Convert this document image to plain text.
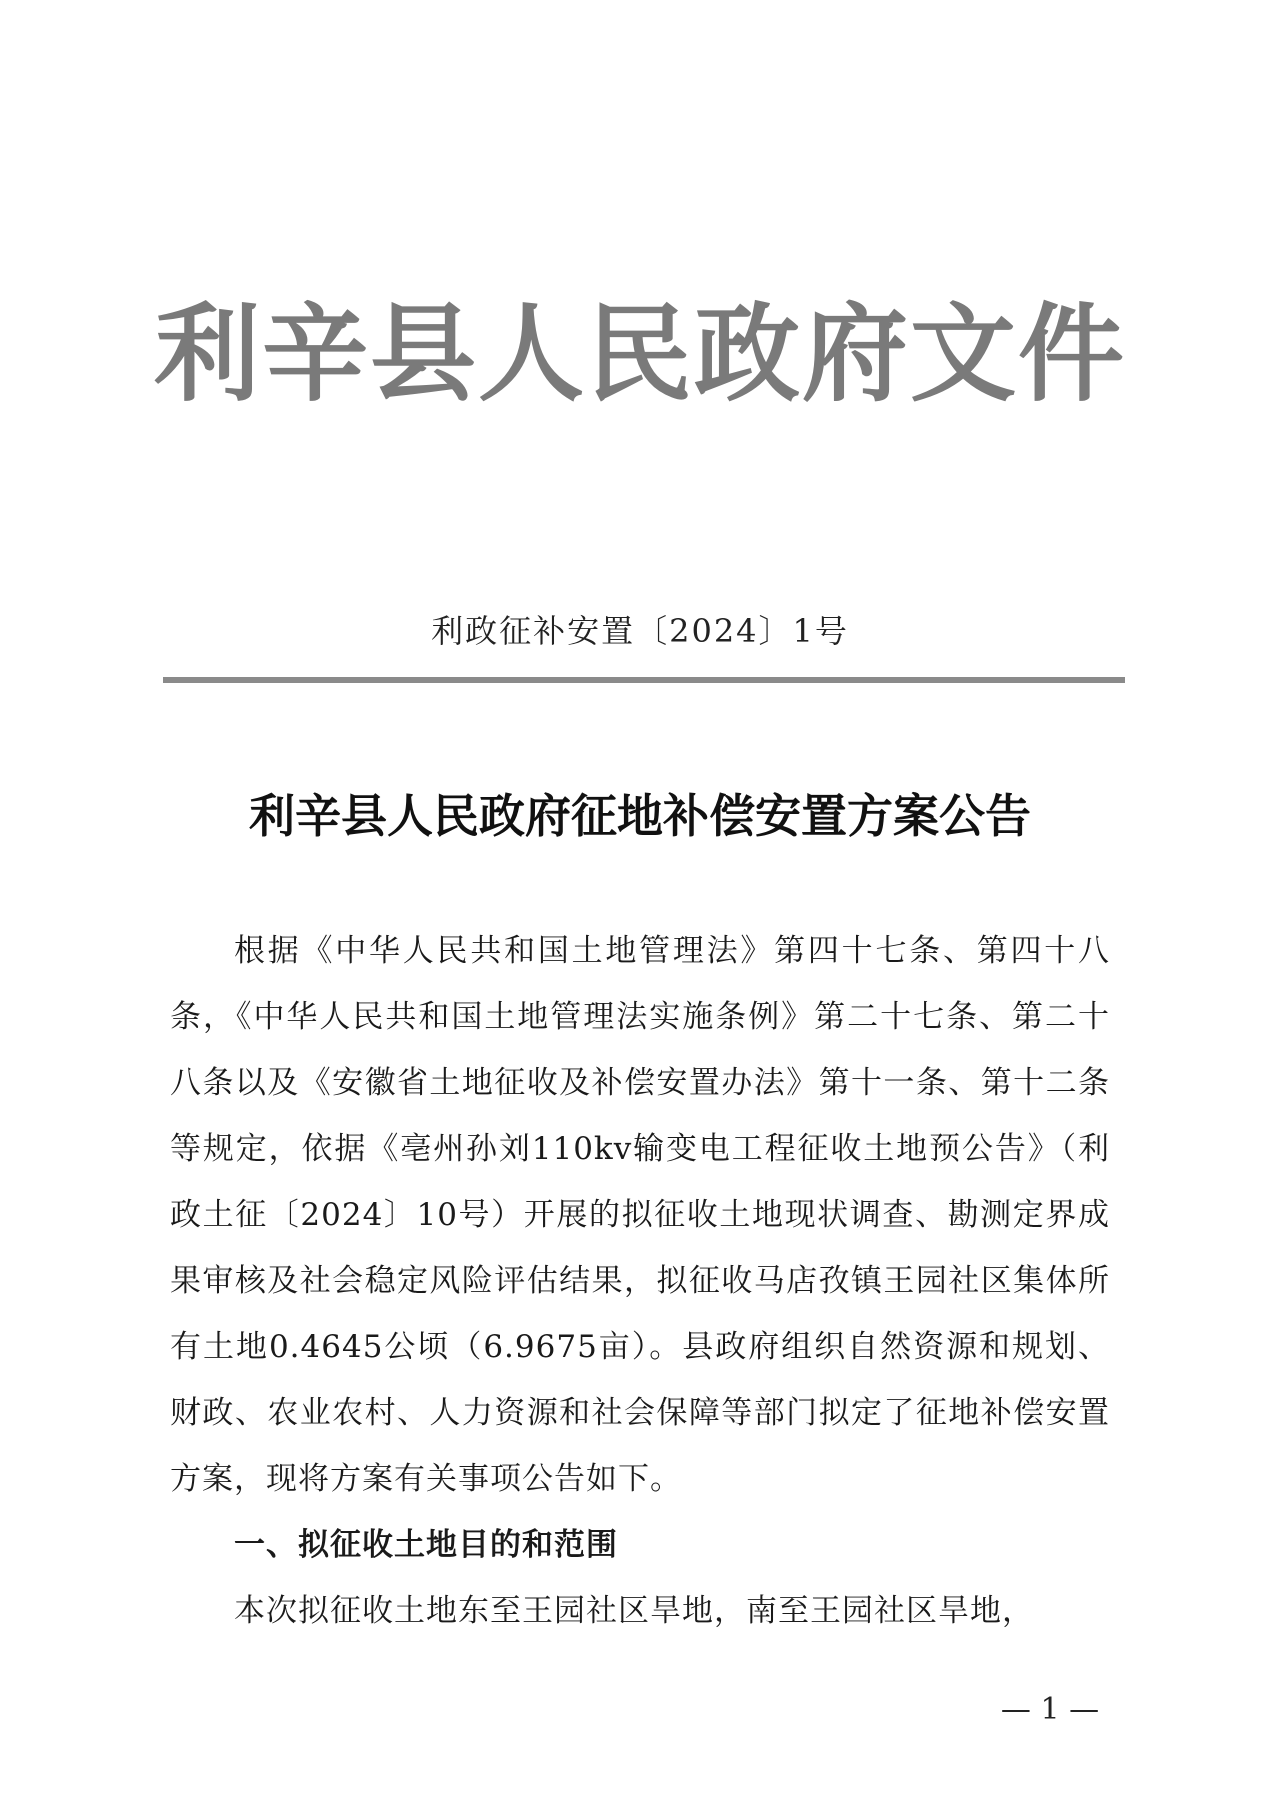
利辛县人民政府文件
利政征补安置〔2024〕1号
利辛县人民政府征地补偿安置方案公告

根据《中华人民共和国土地管理法》第四十七条、第四十八条，《中华人民共和国土地管理法实施条例》第二十七条、第二十八条以及《安徽省土地征收及补偿安置办法》第十一条、第十二条等规定，依据《亳州孙刘110kv输变电工程征收土地预公告》（利政土征〔2024〕10号）开展的拟征收土地现状调查、勘测定界成果审核及社会稳定风险评估结果，拟征收马店孜镇王园社区集体所有土地0.4645公顷（6.9675亩）。县政府组织自然资源和规划、财政、农业农村、人力资源和社会保障等部门拟定了征地补偿安置方案，现将方案有关事项公告如下。

一、拟征收土地目的和范围

本次拟征收土地东至王园社区旱地，南至王园社区旱地，

— 1 —
